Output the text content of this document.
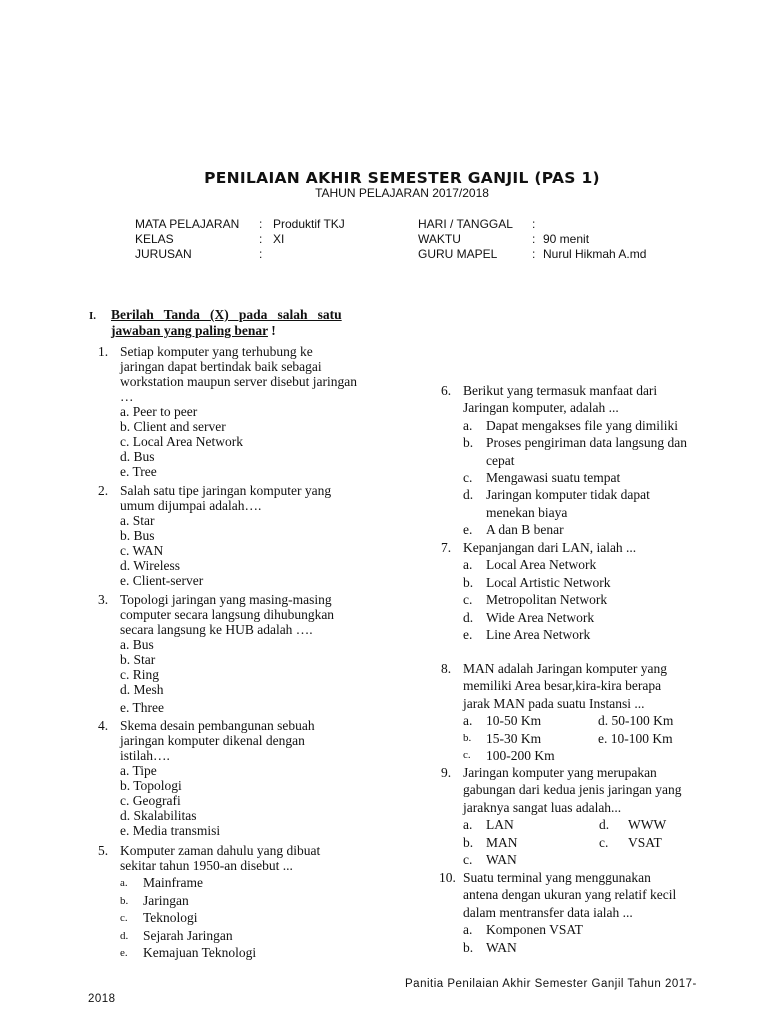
PENILAIAN AKHIR SEMESTER GANJIL (PAS 1)
TAHUN PELAJARAN 2017/2018
MATA PELAJARAN : Produktif TKJ
KELAS	: XI
JURUSAN	:
HARI / TANGGAL :
WAKTU	: 90 menit
GURU MAPEL	: Nurul Hikmah A.md
I. Berilah   Tanda   (X)   pada   salah   satu
jawaban yang paling benar !
1. Setiap komputer yang terhubung ke
jaringan dapat bertindak baik sebagai
workstation maupun server disebut jaringan
…
a. Peer to peer
b. Client and server
c. Local Area Network
d. Bus
e. Tree
2. Salah satu tipe jaringan komputer yang
umum dijumpai adalah….
a. Star
b. Bus
c. WAN
d. Wireless
e. Client-server
3. Topologi jaringan yang masing-masing
computer secara langsung dihubungkan
secara langsung ke HUB adalah ….
a. Bus
b. Star
c. Ring
d. Mesh
e. Three
4. Skema desain pembangunan sebuah
jaringan komputer dikenal dengan
istilah….
a. Tipe
b. Topologi
c. Geografi
d. Skalabilitas
e. Media transmisi
5. Komputer zaman dahulu yang dibuat
sekitar tahun 1950-an disebut ...
a. Mainframe
b. Jaringan
c. Teknologi
d. Sejarah Jaringan
e. Kemajuan Teknologi
6. Berikut yang termasuk manfaat dari
Jaringan komputer, adalah ...
a. Dapat mengakses file yang dimiliki
b. Proses pengiriman data langsung dan
cepat
c. Mengawasi suatu tempat
d. Jaringan komputer tidak dapat
menekan biaya
e. A dan B benar
7. Kepanjangan dari LAN, ialah ...
a. Local Area Network
b. Local Artistic Network
c. Metropolitan Network
d. Wide Area Network
e. Line Area Network
8. MAN adalah Jaringan komputer yang
memiliki Area besar,kira-kira berapa
jarak MAN pada suatu Instansi ...
a. 10-50 Km	d. 50-100 Km
b. 15-30 Km	e. 10-100 Km
c. 100-200 Km
9. Jaringan komputer yang merupakan
gabungan dari kedua jenis jaringan yang
jaraknya sangat luas adalah...
a. LAN	d. WWW
b. MAN	c. VSAT
c. WAN
10. Suatu terminal yang menggunakan
antena dengan ukuran yang relatif kecil
dalam mentransfer data ialah ...
a. Komponen VSAT
b. WAN
Panitia Penilaian Akhir Semester Ganjil Tahun 2017-
2018
